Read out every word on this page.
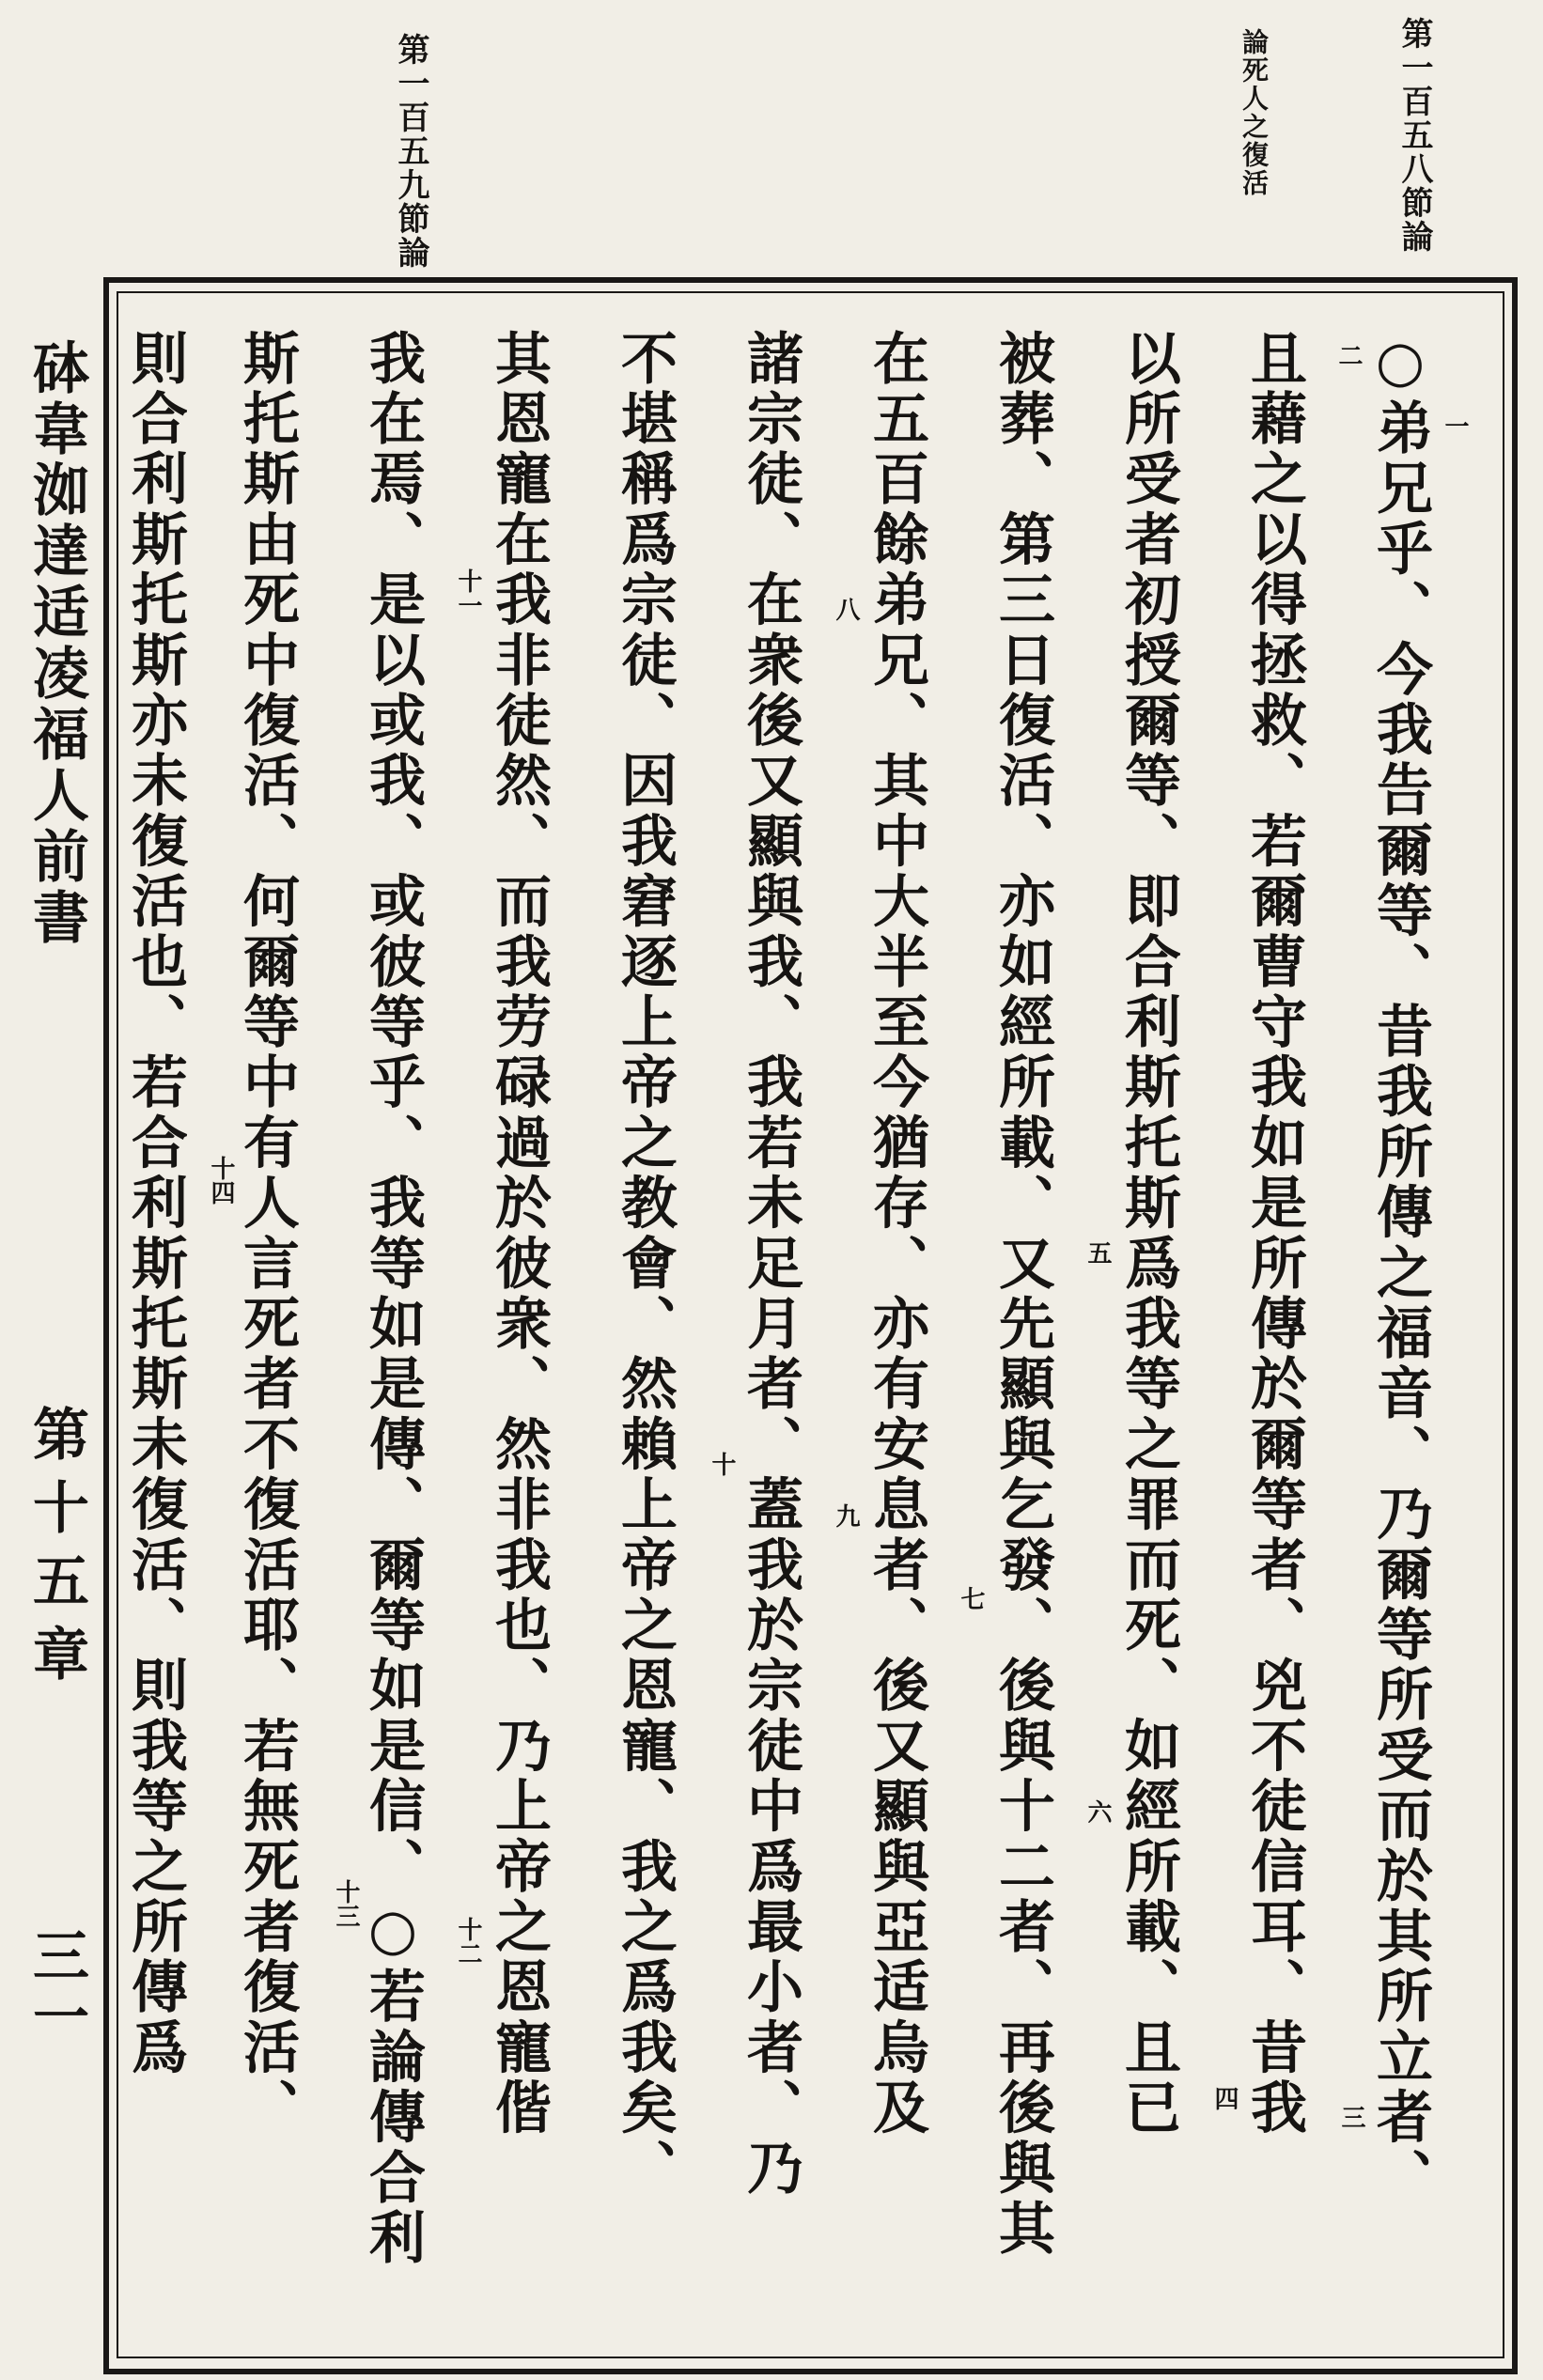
第一百五八節論
論死人之復活
第一百五九節論
○弟兄乎、今我告爾等、昔我所傳之福音、乃爾等所受而於其所立者、
且藉之以得拯救、若爾曹守我如是所傳於爾等者、兇不徒信耳、昔我
以所受者初授爾等、即合利斯托斯爲我等之罪而死、如經所載、且已
被葬、第三日復活、亦如經所載、又先顯與乞發、後與十二者、再後與其
在五百餘弟兄、其中大半至今猶存、亦有安息者、後又顯與亞适烏及
諸宗徒、在衆後又顯與我、我若未足月者、蓋我於宗徒中爲最小者、乃
不堪稱爲宗徒、因我窘逐上帝之教會、然賴上帝之恩寵、我之爲我矣、
其恩寵在我非徒然、而我劳碌過於彼衆、然非我也、乃上帝之恩寵偕
我在焉、是以或我、或彼等乎、我等如是傳、爾等如是信、○若論傳合利
斯托斯由死中復活、何爾等中有人言死者不復活耶、若無死者復活、
則合利斯托斯亦未復活也、若合利斯托斯未復活、則我等之所傳爲	一
二
三
四
五
六
七
八
九
十
十一
十二
十三
十四
砵韋洳達适凌福人前書
第十五章
三一
